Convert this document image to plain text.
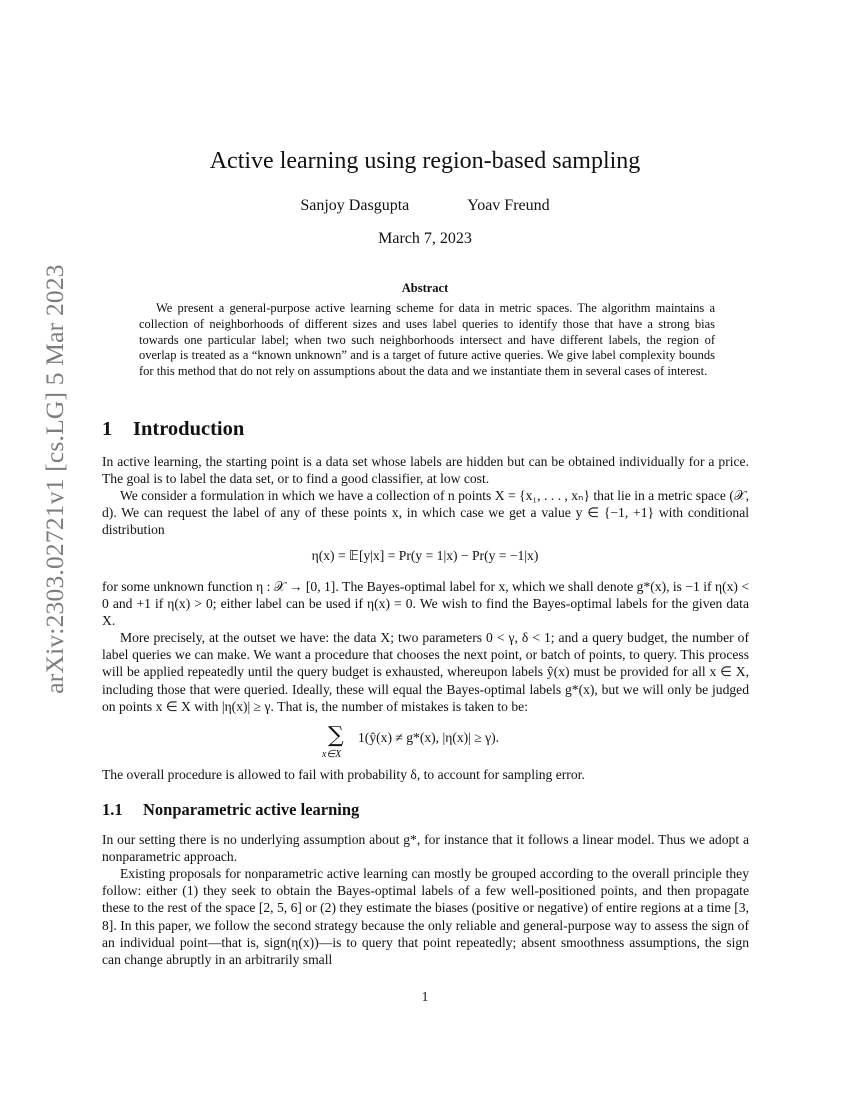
arXiv:2303.02721v1 [cs.LG] 5 Mar 2023
Active learning using region-based sampling
Sanjoy Dasgupta	Yoav Freund
March 7, 2023
Abstract
We present a general-purpose active learning scheme for data in metric spaces. The algorithm maintains a collection of neighborhoods of different sizes and uses label queries to identify those that have a strong bias towards one particular label; when two such neighborhoods intersect and have different labels, the region of overlap is treated as a “known unknown” and is a target of future active queries. We give label complexity bounds for this method that do not rely on assumptions about the data and we instantiate them in several cases of interest.
1 Introduction

In active learning, the starting point is a data set whose labels are hidden but can be obtained individually for a price. The goal is to label the data set, or to find a good classifier, at low cost.

We consider a formulation in which we have a collection of n points X = {x₁, . . . , xₙ} that lie in a metric space (𝒳, d). We can request the label of any of these points x, in which case we get a value y ∈ {−1, +1} with conditional distribution

η(x) = 𝔼[y|x] = Pr(y = 1|x) − Pr(y = −1|x)

for some unknown function η : 𝒳 → [0, 1]. The Bayes-optimal label for x, which we shall denote g*(x), is −1 if η(x) < 0 and +1 if η(x) > 0; either label can be used if η(x) = 0. We wish to find the Bayes-optimal labels for the given data X.

More precisely, at the outset we have: the data X; two parameters 0 < γ, δ < 1; and a query budget, the number of label queries we can make. We want a procedure that chooses the next point, or batch of points, to query. This process will be applied repeatedly until the query budget is exhausted, whereupon labels ŷ(x) must be provided for all x ∈ X, including those that were queried. Ideally, these will equal the Bayes-optimal labels g*(x), but we will only be judged on points x ∈ X with |η(x)| ≥ γ. That is, the number of mistakes is taken to be:

∑
x∈X
1(ŷ(x) ≠ g*(x), |η(x)| ≥ γ).

The overall procedure is allowed to fail with probability δ, to account for sampling error.

1.1 Nonparametric active learning

In our setting there is no underlying assumption about g*, for instance that it follows a linear model. Thus we adopt a nonparametric approach.

Existing proposals for nonparametric active learning can mostly be grouped according to the overall principle they follow: either (1) they seek to obtain the Bayes-optimal labels of a few well-positioned points, and then propagate these to the rest of the space [2, 5, 6] or (2) they estimate the biases (positive or negative) of entire regions at a time [3, 8]. In this paper, we follow the second strategy because the only reliable and general-purpose way to assess the sign of an individual point—that is, sign(η(x))—is to query that point repeatedly; absent smoothness assumptions, the sign can change abruptly in an arbitrarily small

1
